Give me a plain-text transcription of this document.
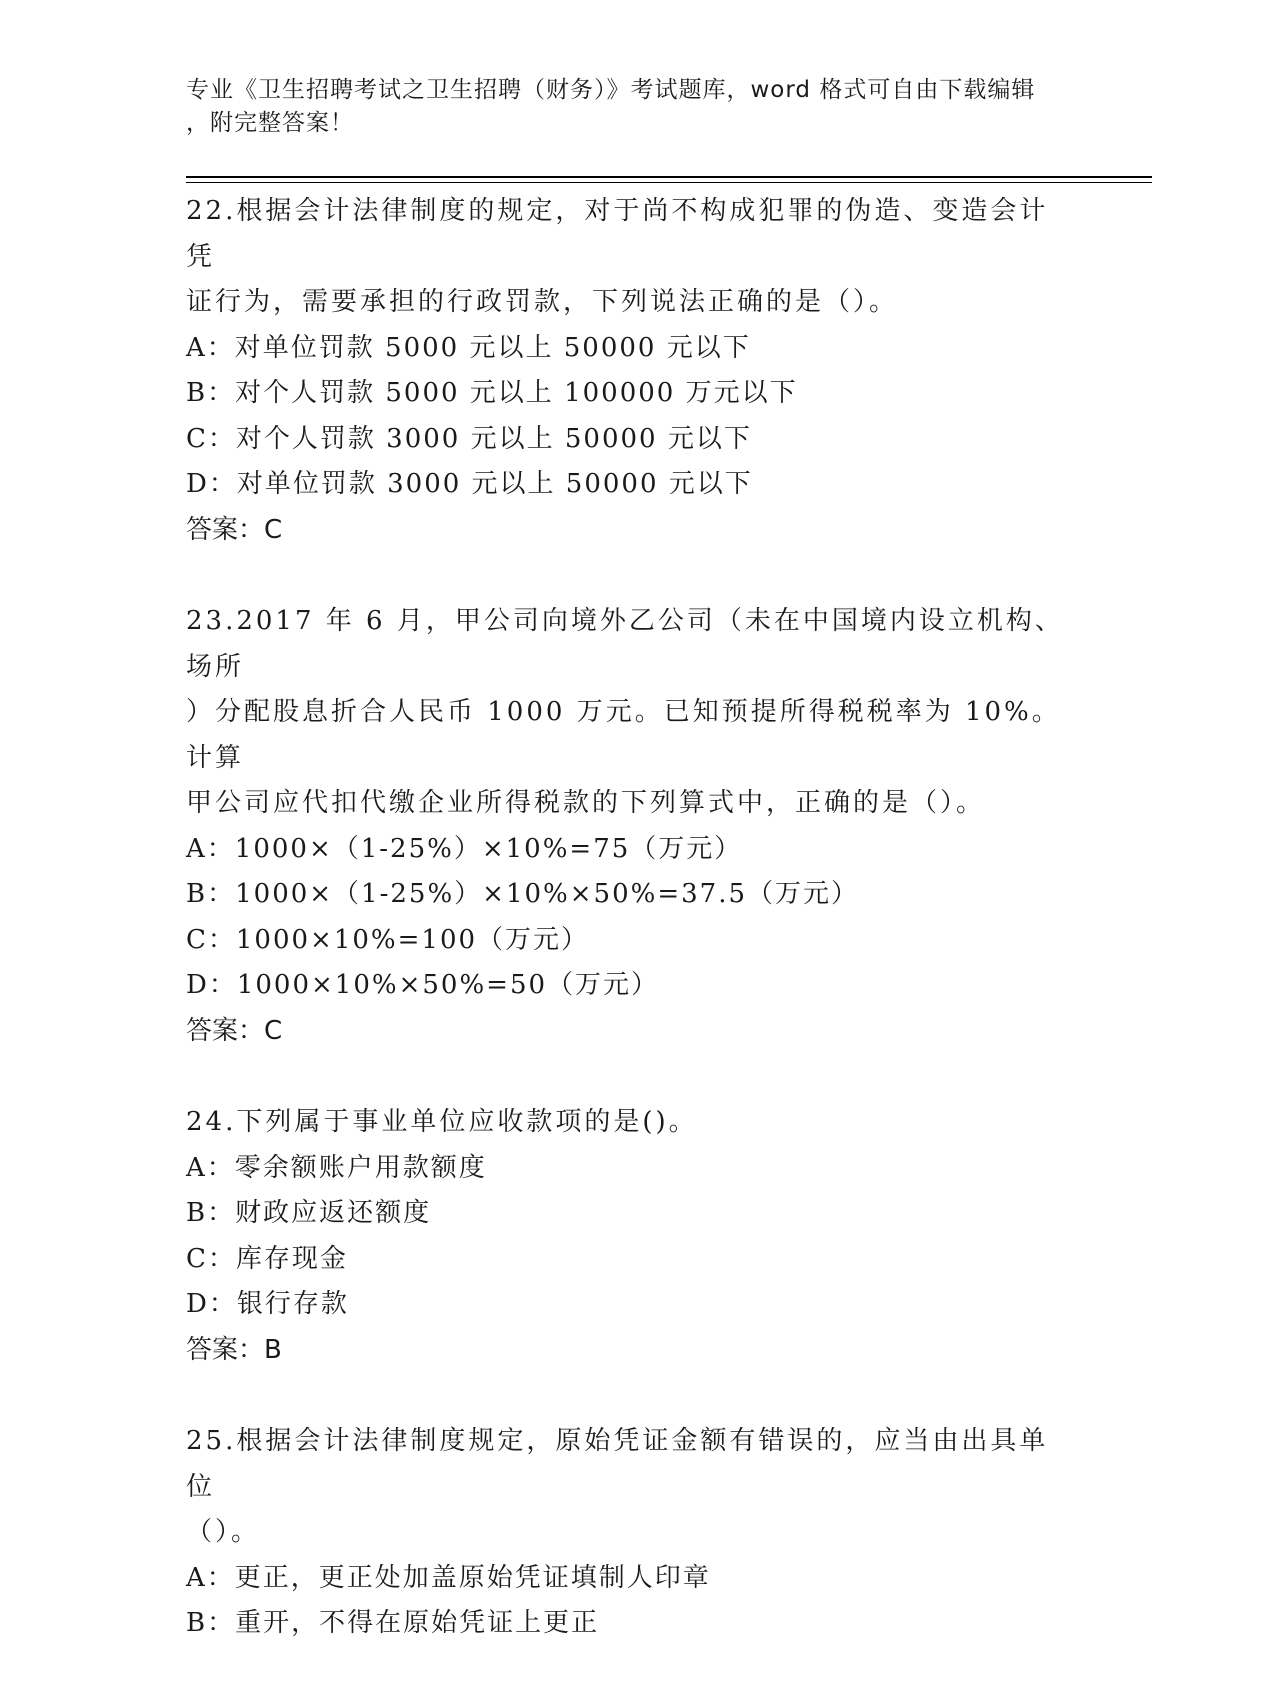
专业《卫生招聘考试之卫生招聘（财务）》考试题库，word 格式可自由下载编辑
，附完整答案！
22.根据会计法律制度的规定，对于尚不构成犯罪的伪造、变造会计凭
证行为，需要承担的行政罚款，下列说法正确的是（）。
A：对单位罚款 5000 元以上 50000 元以下
B：对个人罚款 5000 元以上 100000 万元以下
C：对个人罚款 3000 元以上 50000 元以下
D：对单位罚款 3000 元以上 50000 元以下
答案：C
23.2017 年 6 月，甲公司向境外乙公司（未在中国境内设立机构、场所
）分配股息折合人民币 1000 万元。已知预提所得税税率为 10%。计算
甲公司应代扣代缴企业所得税款的下列算式中，正确的是（）。
A：1000×（1-25%）×10%=75（万元）
B：1000×（1-25%）×10%×50%=37.5（万元）
C：1000×10%=100（万元）
D：1000×10%×50%=50（万元）
答案：C
24.下列属于事业单位应收款项的是()。
A：零余额账户用款额度
B：财政应返还额度
C：库存现金
D：银行存款
答案：B
25.根据会计法律制度规定，原始凭证金额有错误的，应当由出具单位
（）。
A：更正，更正处加盖原始凭证填制人印章
B：重开，不得在原始凭证上更正
